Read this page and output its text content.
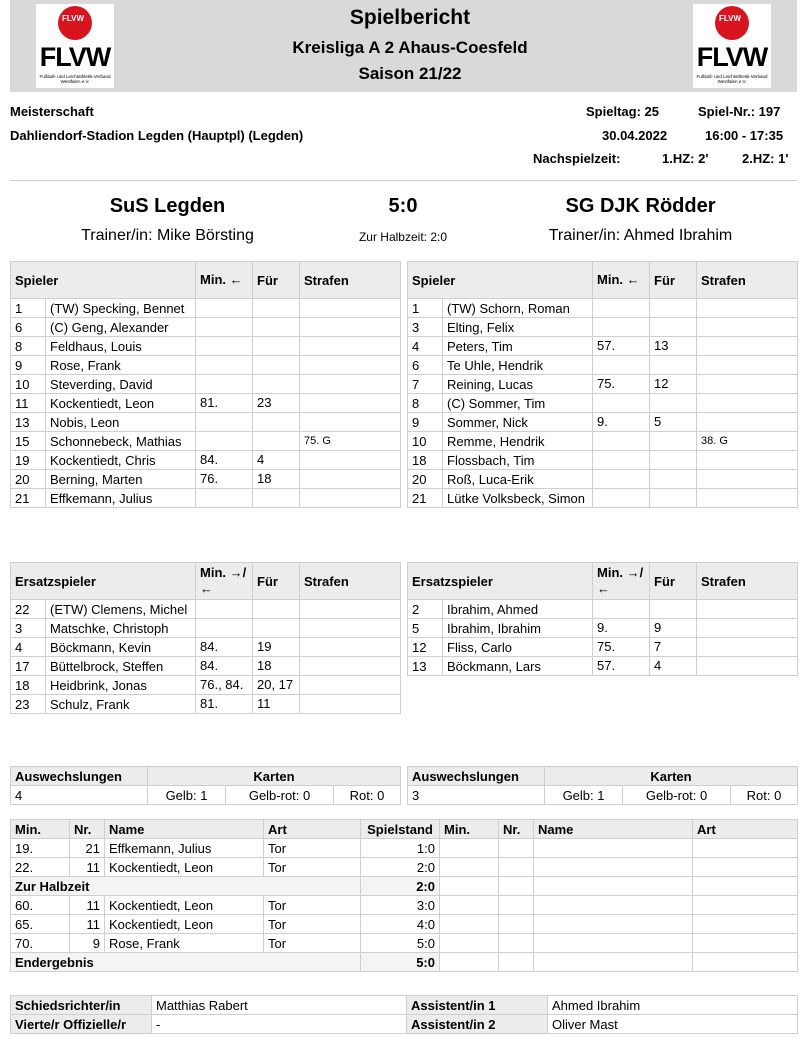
FLVW
FLVW
Fußball- und Leichtathletik-Verband Westfalen e.V.
Spielbericht
Kreisliga A 2 Ahaus-Coesfeld
Saison 21/22
FLVW
FLVW
Fußball- und Leichtathletik-Verband Westfalen e.V.
Meisterschaft	Spieltag: 25	Spiel-Nr.: 197
Dahliendorf-Stadion Legden (Hauptpl) (Legden)	30.04.2022	16:00 - 17:35
Nachspielzeit:	1.HZ: 2'	2.HZ: 1'
SuS Legden	5:0	SG DJK Rödder
Trainer/in: Mike Börsting	Zur Halbzeit: 2:0	Trainer/in: Ahmed Ibrahim
Spieler		Min. ←	Für	Strafen
1	(TW) Specking, Bennet			
6	(C) Geng, Alexander			
8	Feldhaus, Louis			
9	Rose, Frank			
10	Steverding, David			
11	Kockentiedt, Leon	81.	23	
13	Nobis, Leon			
15	Schonnebeck, Mathias			75. G
19	Kockentiedt, Chris	84.	4	
20	Berning, Marten	76.	18	
21	Effkemann, Julius			
Spieler		Min. ←	Für	Strafen
1	(TW) Schorn, Roman			
3	Elting, Felix			
4	Peters, Tim	57.	13	
6	Te Uhle, Hendrik			
7	Reining, Lucas	75.	12	
8	(C) Sommer, Tim			
9	Sommer, Nick	9.	5	
10	Remme, Hendrik			38. G
18	Flossbach, Tim			
20	Roß, Luca-Erik			
21	Lütke Volksbeck, Simon			
Ersatzspieler		Min. →/←	Für	Strafen
22	(ETW) Clemens, Michel			
3	Matschke, Christoph			
4	Böckmann, Kevin	84.	19	
17	Büttelbrock, Steffen	84.	18	
18	Heidbrink, Jonas	76., 84.	20, 17	
23	Schulz, Frank	81.	11	
Ersatzspieler		Min. →/←	Für	Strafen
2	Ibrahim, Ahmed			
5	Ibrahim, Ibrahim	9.	9	
12	Fliss, Carlo	75.	7	
13	Böckmann, Lars	57.	4	
Auswechslungen	Karten		
4	Gelb: 1	Gelb-rot: 0	Rot: 0
Auswechslungen	Karten		
3	Gelb: 1	Gelb-rot: 0	Rot: 0
Min.	Nr.	Name	Art	Spielstand	Min.	Nr.	Name	Art
19.	21	Effkemann, Julius	Tor	1:0				
22.	11	Kockentiedt, Leon	Tor	2:0				
Zur Halbzeit				2:0				
60.	11	Kockentiedt, Leon	Tor	3:0				
65.	11	Kockentiedt, Leon	Tor	4:0				
70.	9	Rose, Frank	Tor	5:0				
Endergebnis				5:0				
Schiedsrichter/in	Matthias Rabert	Assistent/in 1	Ahmed Ibrahim
Vierte/r Offizielle/r	-	Assistent/in 2	Oliver Mast
